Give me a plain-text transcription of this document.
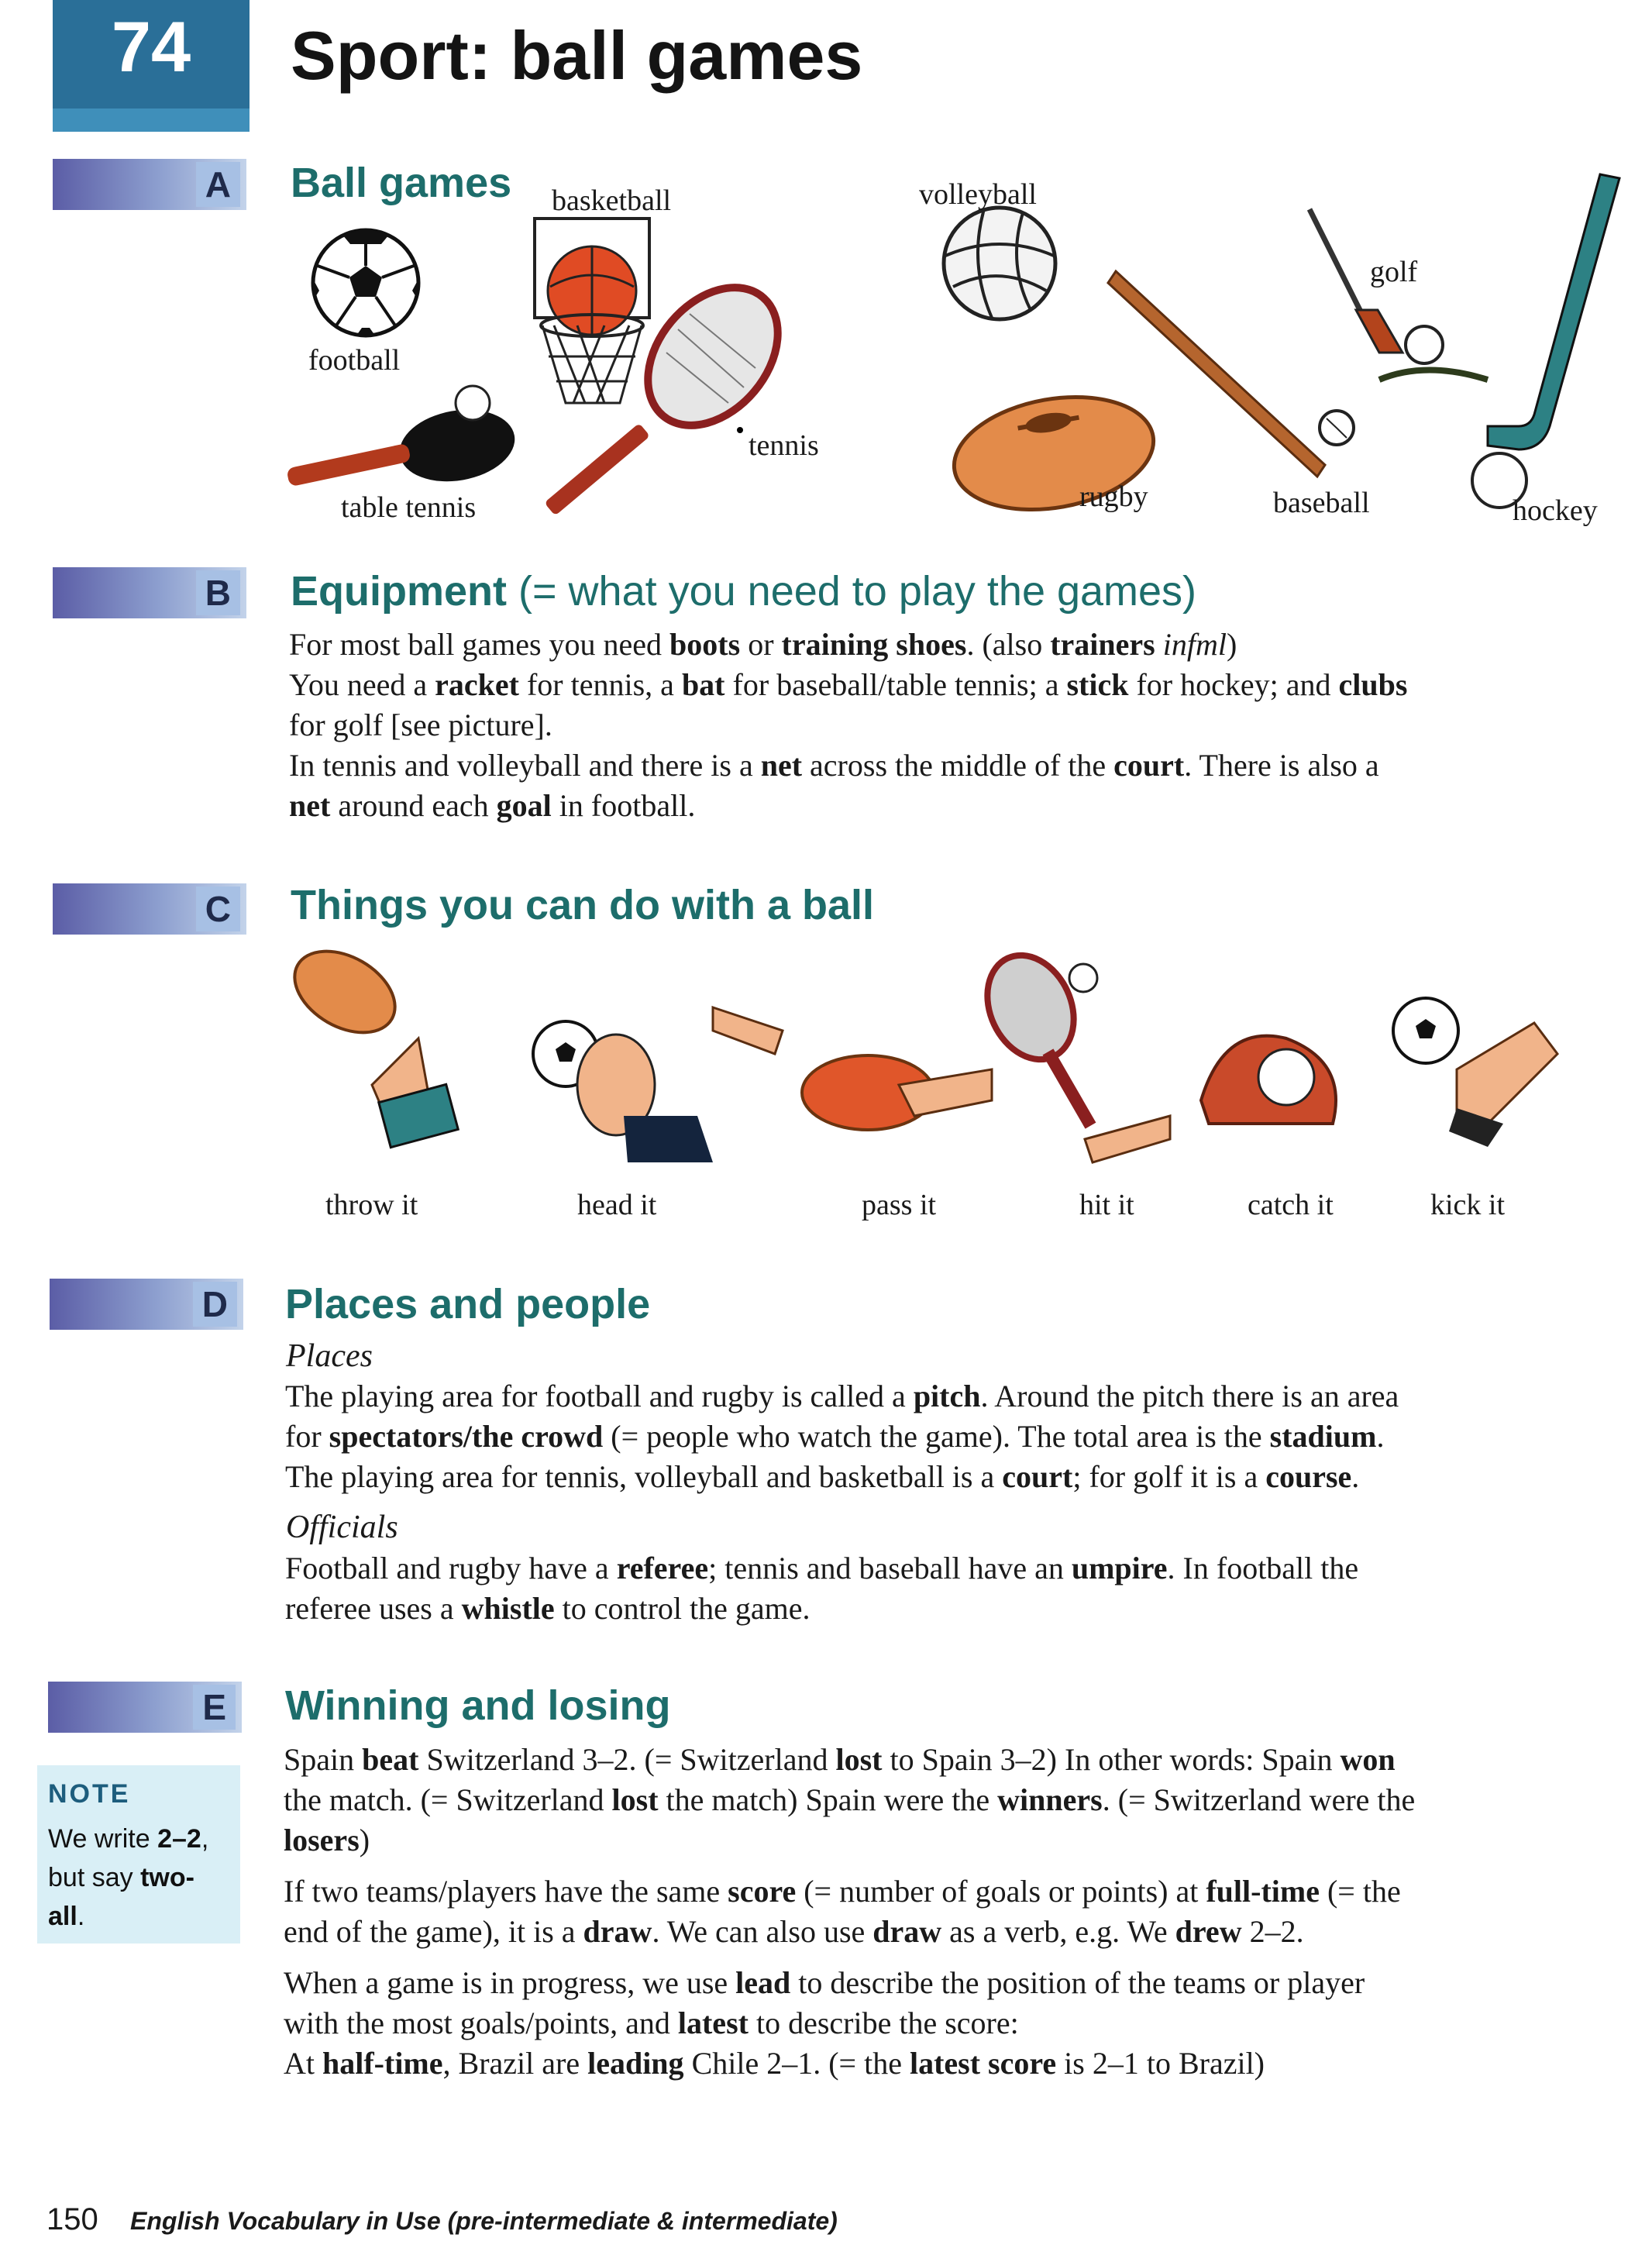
74	Sport: ball games
A Ball games
football
basketball	volleyball
golf
tennis
table tennis	rugby	baseball	hockey
B Equipment (= what you need to play the games)
For most ball games you need boots or training shoes. (also trainers infml)
You need a racket for tennis, a bat for baseball/table tennis; a stick for hockey; and clubs
for golf [see picture].
In tennis and volleyball and there is a net across the middle of the court. There is also a
net around each goal in football.
C Things you can do with a ball
throw it	head it	pass it	hit it	catch it	kick it
D Places and people
Places
The playing area for football and rugby is called a pitch. Around the pitch there is an area
for spectators/the crowd (= people who watch the game). The total area is the stadium.
The playing area for tennis, volleyball and basketball is a court; for golf it is a course.
Officials
Football and rugby have a referee; tennis and baseball have an umpire. In football the
referee uses a whistle to control the game.
E Winning and losing
Spain beat Switzerland 3–2. (= Switzerland lost to Spain 3–2) In other words: Spain won
the match. (= Switzerland lost the match) Spain were the winners. (= Switzerland were the
losers)
If two teams/players have the same score (= number of goals or points) at full-time (= the
end of the game), it is a draw. We can also use draw as a verb, e.g. We drew 2–2.
When a game is in progress, we use lead to describe the position of the teams or player
with the most goals/points, and latest to describe the score:
At half-time, Brazil are leading Chile 2–1. (= the latest score is 2–1 to Brazil)
NOTE
We write 2–2,
but say two-
all.
150 English Vocabulary in Use (pre-intermediate & intermediate)
